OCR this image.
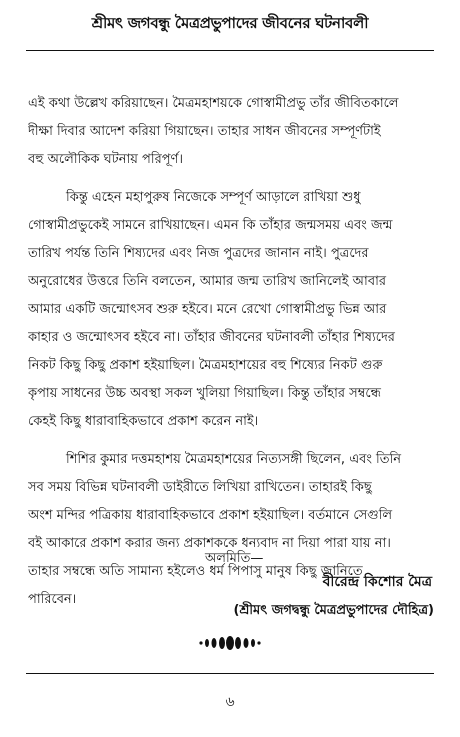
শ্রীমৎ জগবন্ধু মৈত্রপ্রভুপাদের জীবনের ঘটনাবলী
এই কথা উল্লেখ করিয়াছেন। মৈত্রমহাশয়কে গোস্বামীপ্রভু তাঁর জীবিতকালে
দীক্ষা দিবার আদেশ করিয়া গিয়াছেন। তাহার সাধন জীবনের সম্পূর্ণটাই
বহু অলৌকিক ঘটনায় পরিপূর্ণ।
কিন্তু এহেন মহাপুরুষ নিজেকে সম্পূর্ণ আড়ালে রাখিয়া শুধু
গোস্বামীপ্রভুকেই সামনে রাখিয়াছেন। এমন কি তাঁহার জন্মসময় এবং জন্ম
তারিখ পর্যন্ত তিনি শিষ্যদের এবং নিজ পুত্রদের জানান নাই। পুত্রদের
অনুরোধের উত্তরে তিনি বলতেন, আমার জন্ম তারিখ জানিলেই আবার
আমার একটি জন্মোৎসব শুরু হইবে। মনে রেখো গোস্বামীপ্রভু ভিন্ন আর
কাহার ও জন্মোৎসব হইবে না। তাঁহার জীবনের ঘটনাবলী তাঁহার শিষ্যদের
নিকট কিছু কিছু প্রকাশ হইয়াছিল। মৈত্রমহাশয়ের বহু শিষ্যের নিকট গুরু
কৃপায় সাধনের উচ্চ অবস্থা সকল খুলিয়া গিয়াছিল। কিন্তু তাঁহার সম্বন্ধে
কেহই কিছু ধারাবাহিকভাবে প্রকাশ করেন নাই।
শিশির কুমার দত্তমহাশয় মৈত্রমহাশয়ের নিত্যসঙ্গী ছিলেন, এবং তিনি
সব সময় বিভিন্ন ঘটনাবলী ডাইরীতে লিখিয়া রাখিতেন। তাহারই কিছু
অংশ মন্দির পত্রিকায় ধারাবাহিকভাবে প্রকাশ হইয়াছিল। বর্তমানে সেগুলি
বই আকারে প্রকাশ করার জন্য প্রকাশককে ধন্যবাদ না দিয়া পারা যায় না।
তাহার সম্বন্ধে অতি সামান্য হইলেও ধর্ম পিপাসু মানুষ কিছু জানিতে
পারিবেন।
অলমিতি—
বীরেন্দ্র কিশোর মৈত্র
(শ্রীমৎ জগদ্বন্ধু মৈত্রপ্রভুপাদের দৌহিত্র)
৬
